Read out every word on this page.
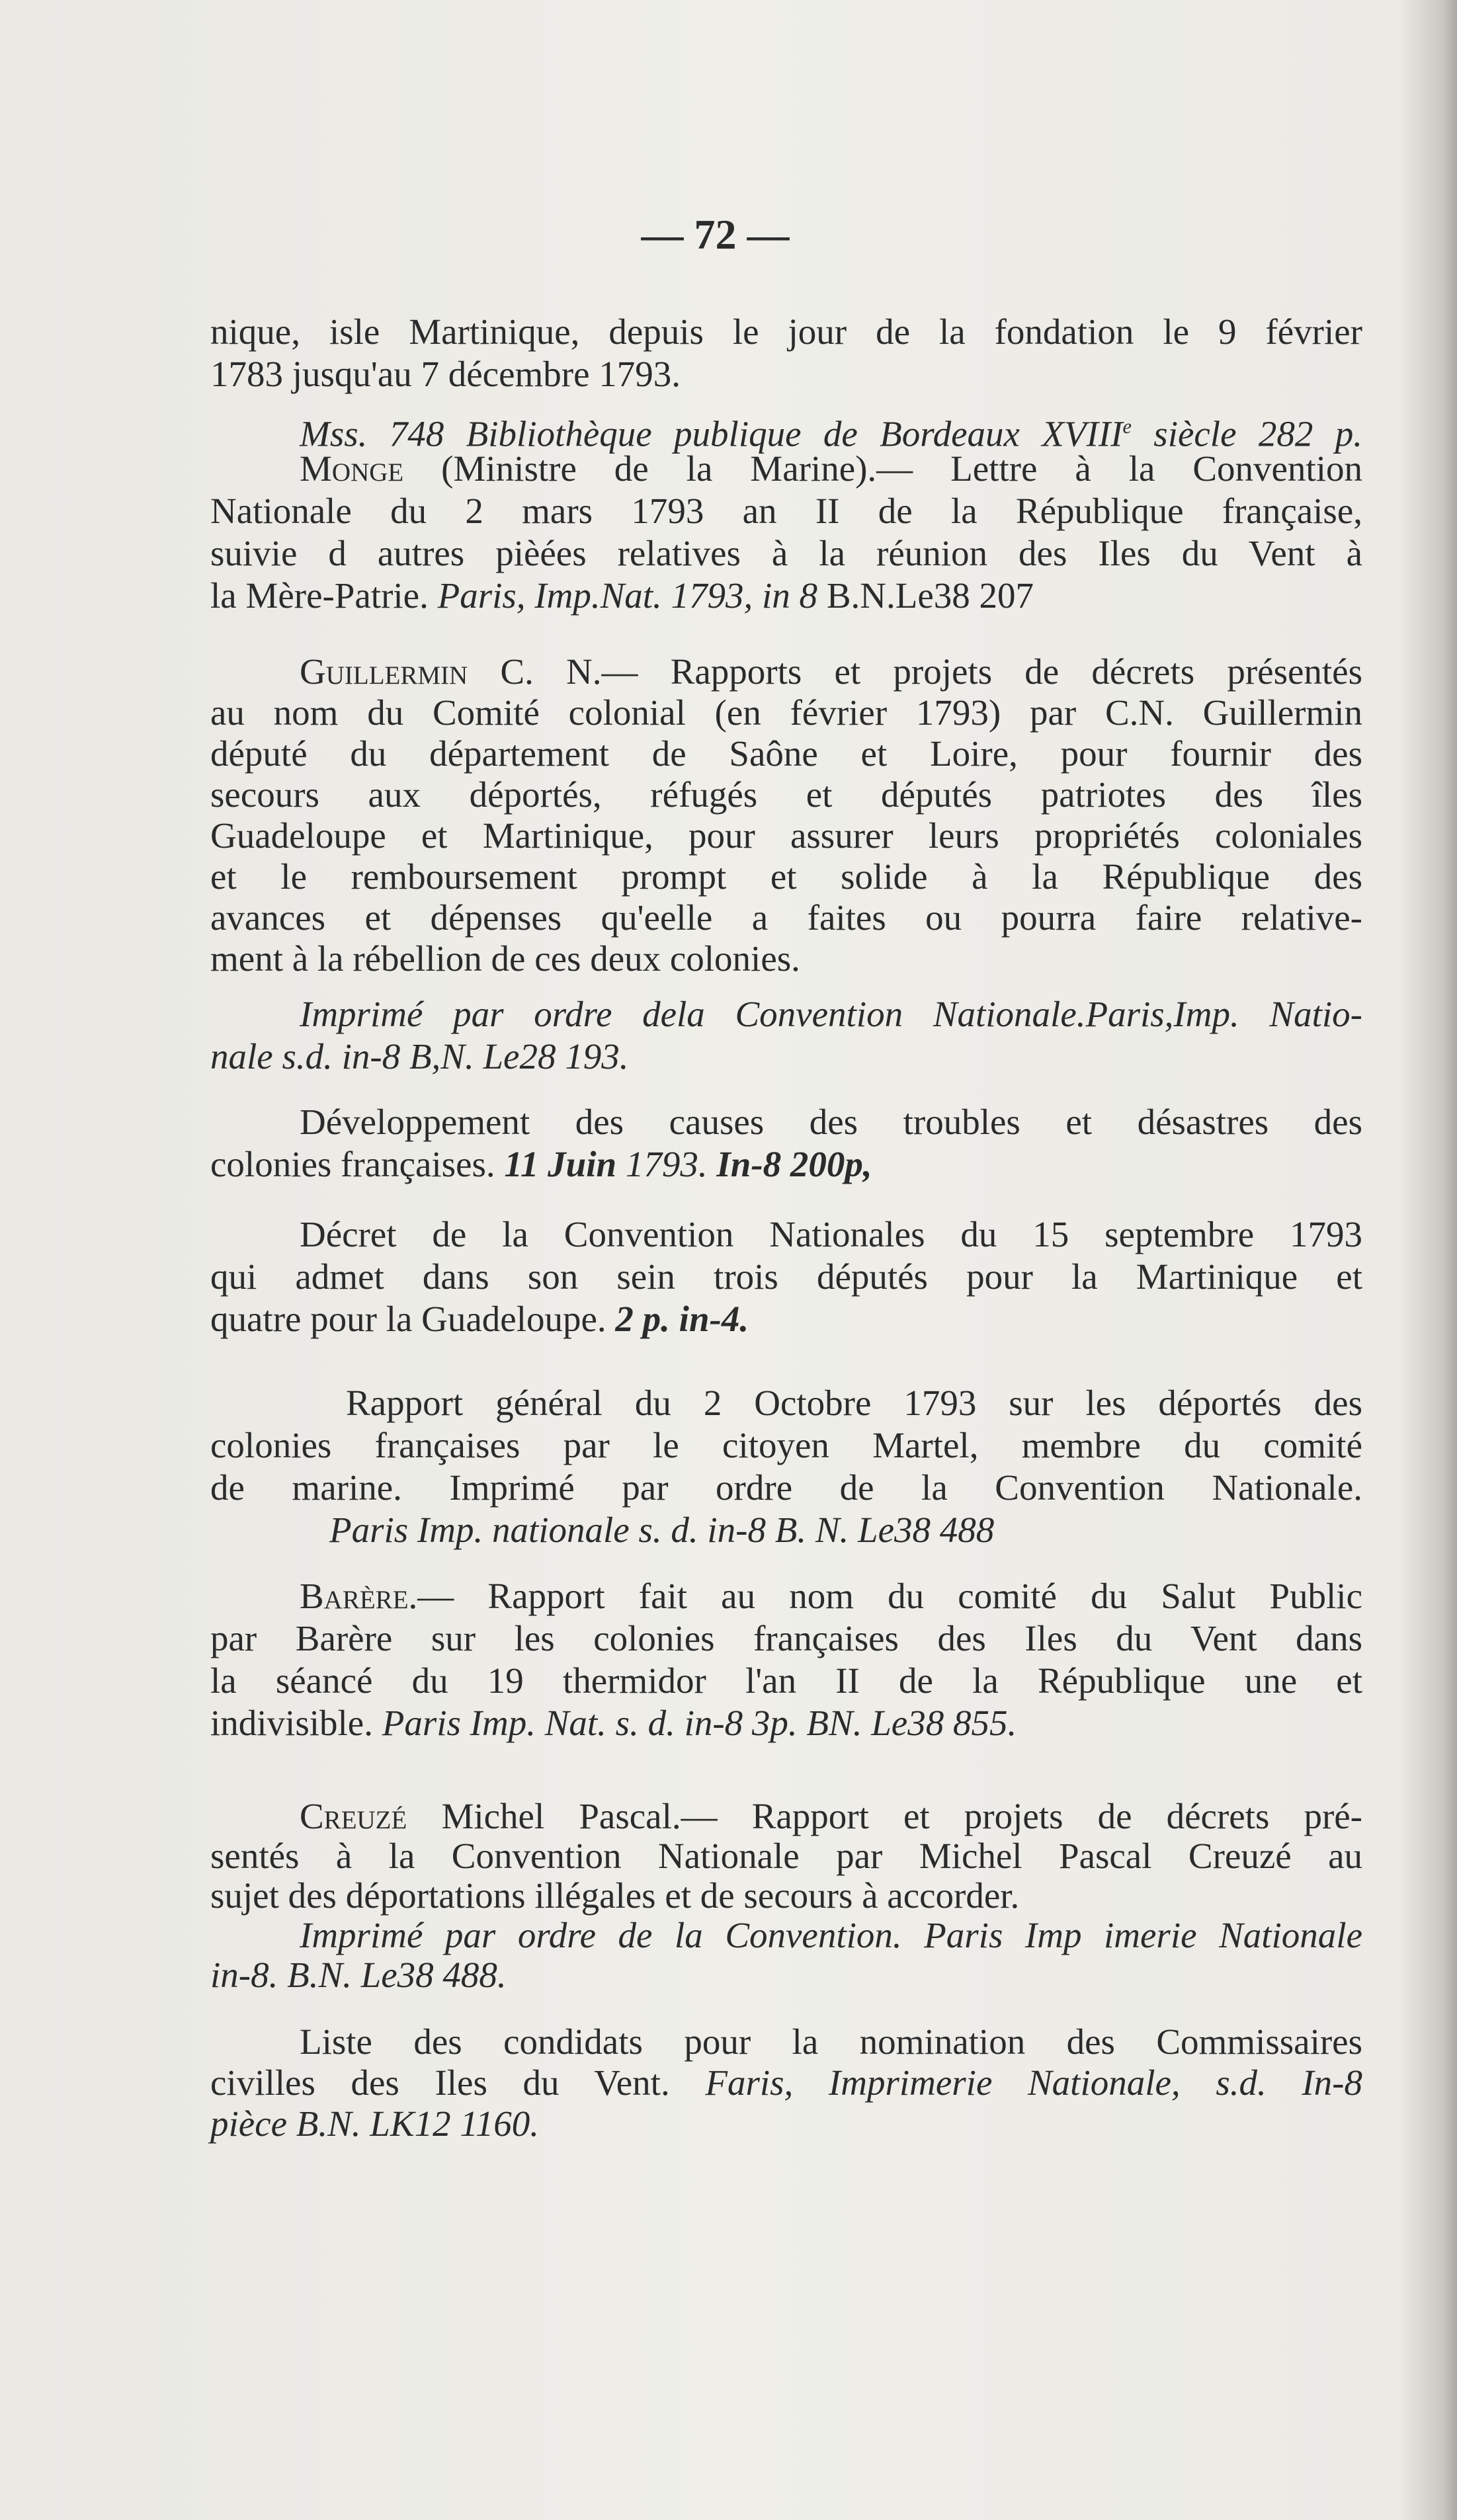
— 72 —
nique, isle Martinique, depuis le jour de la fondation le 9 février
1783 jusqu'au 7 décembre 1793.
Mss. 748 Bibliothèque publique de Bordeaux XVIIIe siècle 282 p.
Monge (Ministre de la Marine).— Lettre à la Convention
Nationale du 2 mars 1793 an II de la République française,
suivie d autres pièées relatives à la réunion des Iles du Vent à
la Mère-Patrie. Paris, Imp.Nat. 1793, in 8 B.N.Le38 207
Guillermin C. N.— Rapports et projets de décrets présentés
au nom du Comité colonial (en février 1793) par C.N. Guillermin
député du département de Saône et Loire, pour fournir des
secours aux déportés, réfugés et députés patriotes des îles
Guadeloupe et Martinique, pour assurer leurs propriétés coloniales
et le remboursement prompt et solide à la République des
avances et dépenses qu'eelle a faites ou pourra faire relative-
ment à la rébellion de ces deux colonies.
Imprimé par ordre dela Convention Nationale.Paris,Imp. Natio-
nale s.d. in-8 B,N. Le28 193.
Développement des causes des troubles et désastres des
colonies françaises. 11 Juin 1793. In-8 200p,
Décret de la Convention Nationales du 15 septembre 1793
qui admet dans son sein trois députés pour la Martinique et
quatre pour la Guadeloupe. 2 p. in-4.
Rapport général du 2 Octobre 1793 sur les déportés des
colonies françaises par le citoyen Martel, membre du comité
de marine. Imprimé par ordre de la Convention Nationale.
Paris Imp. nationale s. d. in-8 B. N. Le38 488
Barère.— Rapport fait au nom du comité du Salut Public
par Barère sur les colonies françaises des Iles du Vent dans
la séancé du 19 thermidor l'an II de la République une et
indivisible. Paris Imp. Nat. s. d. in-8 3p. BN. Le38 855.
Creuzé Michel Pascal.— Rapport et projets de décrets pré-
sentés à la Convention Nationale par Michel Pascal Creuzé au
sujet des déportations illégales et de secours à accorder.
Imprimé par ordre de la Convention. Paris Imp imerie Nationale
in-8. B.N. Le38 488.
Liste des condidats pour la nomination des Commissaires
civilles des Iles du Vent. Faris, Imprimerie Nationale, s.d. In-8
pièce B.N. LK12 1160.
